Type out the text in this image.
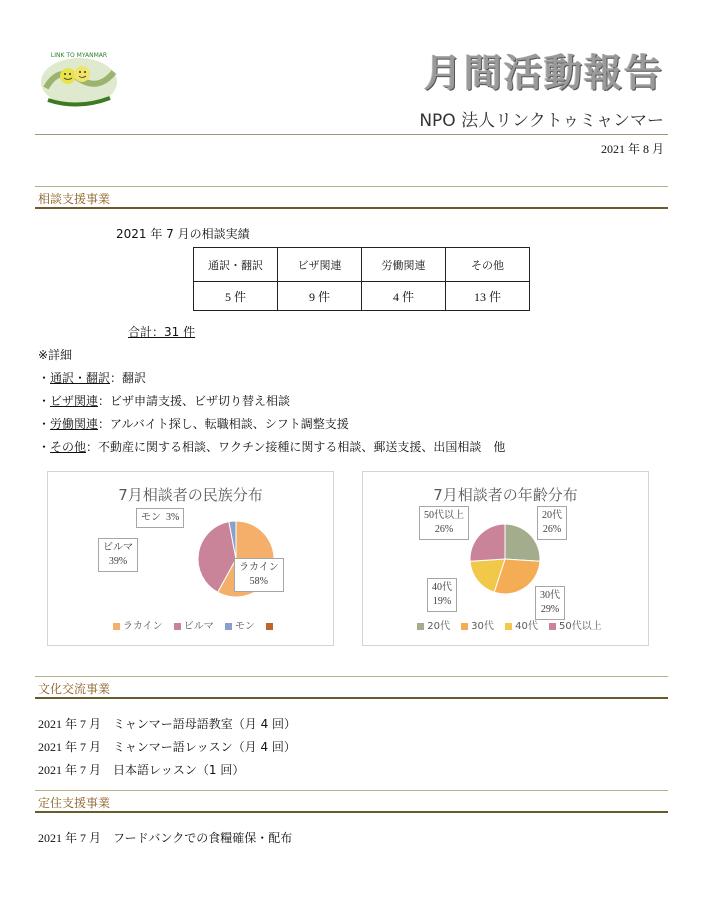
LINK TO MYANMAR	月間活動報告
NPO 法人リンクトゥミャンマー
2021 年 8 月
相談支援事業
2021 年 7 月の相談実績
通訳・翻訳	ビザ関連	労働関連	その他
5 件	9 件	4 件	13 件
合計：31 件
※詳細
・通訳・翻訳：翻訳
・ビザ関連：ビザ申請支援、ビザ切り替え相談
・労働関連：アルバイト探し、転職相談、シフト調整支援
・その他：不動産に関する相談、ワクチン接種に関する相談、郵送支援、出国相談　他
7月相談者の民族分布
モン 3%
ビルマ
39%
ラカイン
58%
ラカイン ビルマ モン
7月相談者の年齢分布
50代以上
26%
20代
26%
40代
19%
30代
29%
20代 30代 40代 50代以上
文化交流事業
2021 年 7 月　 ミャンマー語母語教室（月 4 回）
2021 年 7 月　 ミャンマー語レッスン（月 4 回）
2021 年 7 月　 日本語レッスン（1 回）
定住支援事業
2021 年 7 月　 フードバンクでの食糧確保・配布
